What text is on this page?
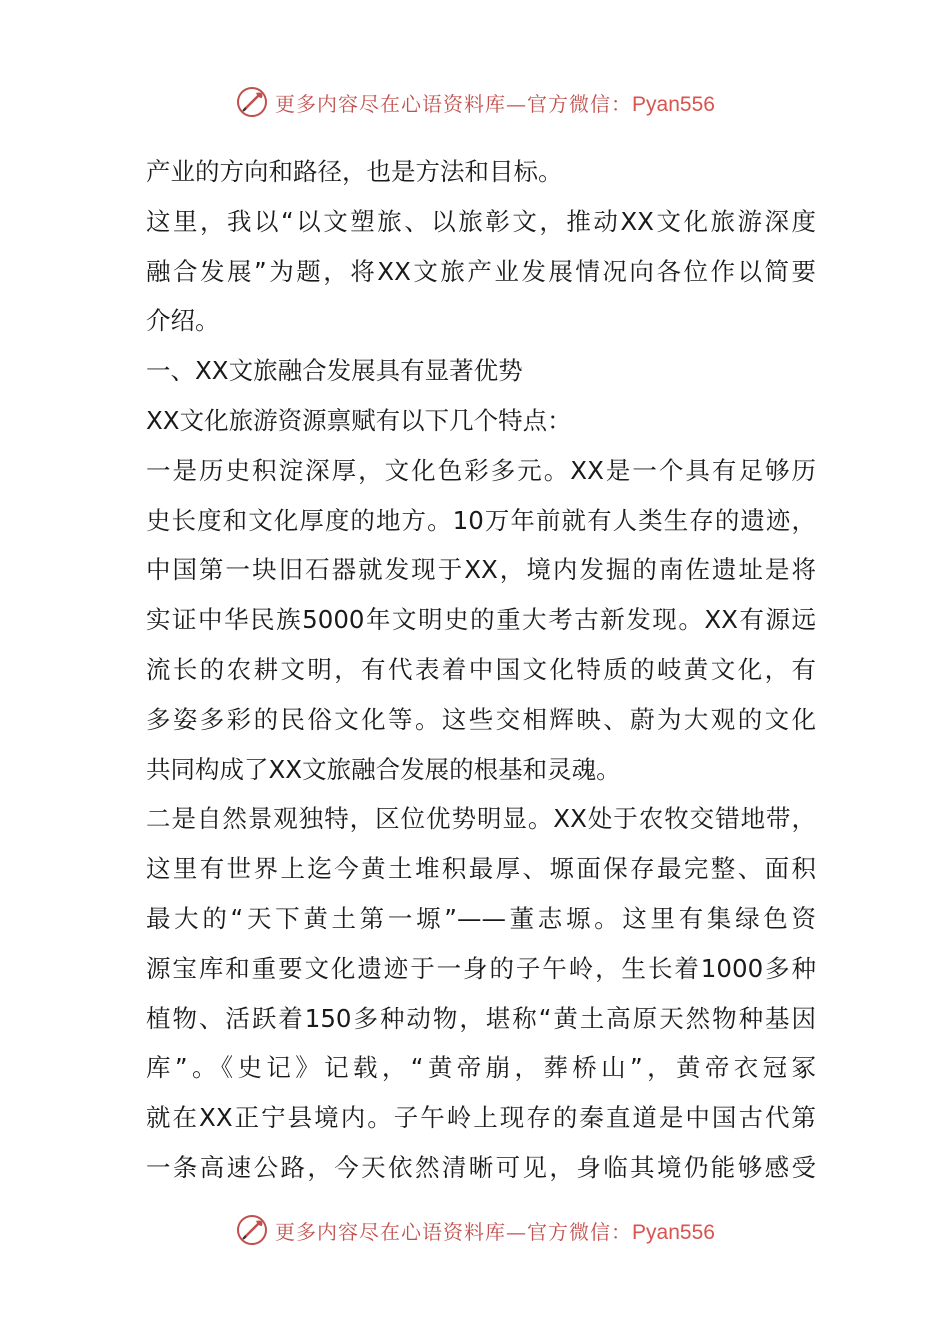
更多内容尽在心语资料库—官方微信：Pyan556
产业的方向和路径，也是方法和目标。
这里，我以“以文塑旅、以旅彰文，推动XX文化旅游深度
融合发展”为题，将XX文旅产业发展情况向各位作以简要
介绍。
一、XX文旅融合发展具有显著优势
XX文化旅游资源禀赋有以下几个特点：
一是历史积淀深厚，文化色彩多元。XX是一个具有足够历
史长度和文化厚度的地方。10万年前就有人类生存的遗迹，
中国第一块旧石器就发现于XX，境内发掘的南佐遗址是将
实证中华民族5000年文明史的重大考古新发现。XX有源远
流长的农耕文明，有代表着中国文化特质的岐黄文化，有
多姿多彩的民俗文化等。这些交相辉映、蔚为大观的文化
共同构成了XX文旅融合发展的根基和灵魂。
二是自然景观独特，区位优势明显。XX处于农牧交错地带，
这里有世界上迄今黄土堆积最厚、塬面保存最完整、面积
最大的“天下黄土第一塬”——董志塬。这里有集绿色资
源宝库和重要文化遗迹于一身的子午岭，生长着1000多种
植物、活跃着150多种动物，堪称“黄土高原天然物种基因
库”。《史记》记载，“黄帝崩，葬桥山”，黄帝衣冠冢
就在XX正宁县境内。子午岭上现存的秦直道是中国古代第
一条高速公路，今天依然清晰可见，身临其境仍能够感受
更多内容尽在心语资料库—官方微信：Pyan556
